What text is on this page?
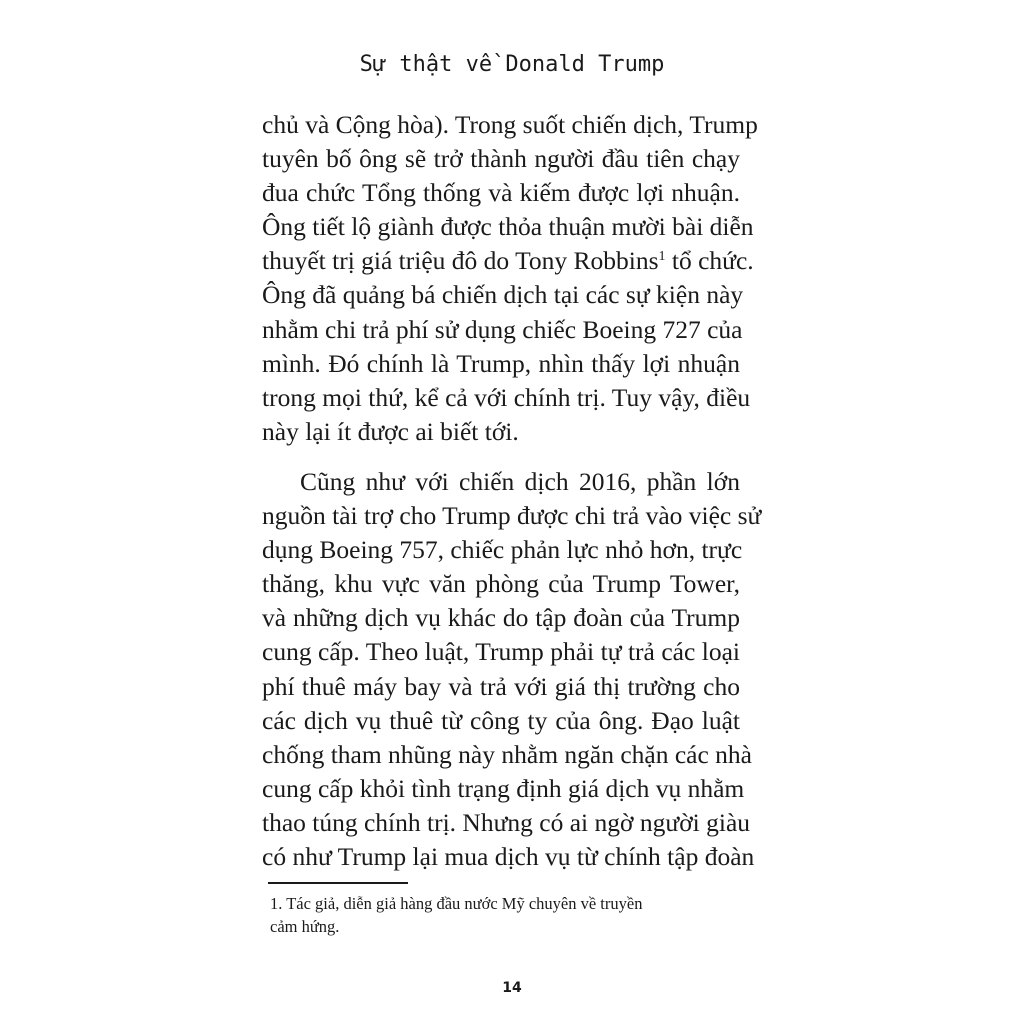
Sự thật về Donald Trump
chủ và Cộng hòa). Trong suốt chiến dịch, Trump
tuyên bố ông sẽ trở thành người đầu tiên chạy
đua chức Tổng thống và kiếm được lợi nhuận.
Ông tiết lộ giành được thỏa thuận mười bài diễn
thuyết trị giá triệu đô do Tony Robbins$^1$ tổ chức.
Ông đã quảng bá chiến dịch tại các sự kiện này
nhằm chi trả phí sử dụng chiếc Boeing 727 của
mình. Đó chính là Trump, nhìn thấy lợi nhuận
trong mọi thứ, kể cả với chính trị. Tuy vậy, điều
này lại ít được ai biết tới.
Cũng như với chiến dịch 2016, phần lớn
nguồn tài trợ cho Trump được chi trả vào việc sử
dụng Boeing 757, chiếc phản lực nhỏ hơn, trực
thăng, khu vực văn phòng của Trump Tower,
và những dịch vụ khác do tập đoàn của Trump
cung cấp. Theo luật, Trump phải tự trả các loại
phí thuê máy bay và trả với giá thị trường cho
các dịch vụ thuê từ công ty của ông. Đạo luật
chống tham nhũng này nhằm ngăn chặn các nhà
cung cấp khỏi tình trạng định giá dịch vụ nhằm
thao túng chính trị. Nhưng có ai ngờ người giàu
có như Trump lại mua dịch vụ từ chính tập đoàn
1. Tác giả, diễn giả hàng đầu nước Mỹ chuyên về truyền
cảm hứng.
14
